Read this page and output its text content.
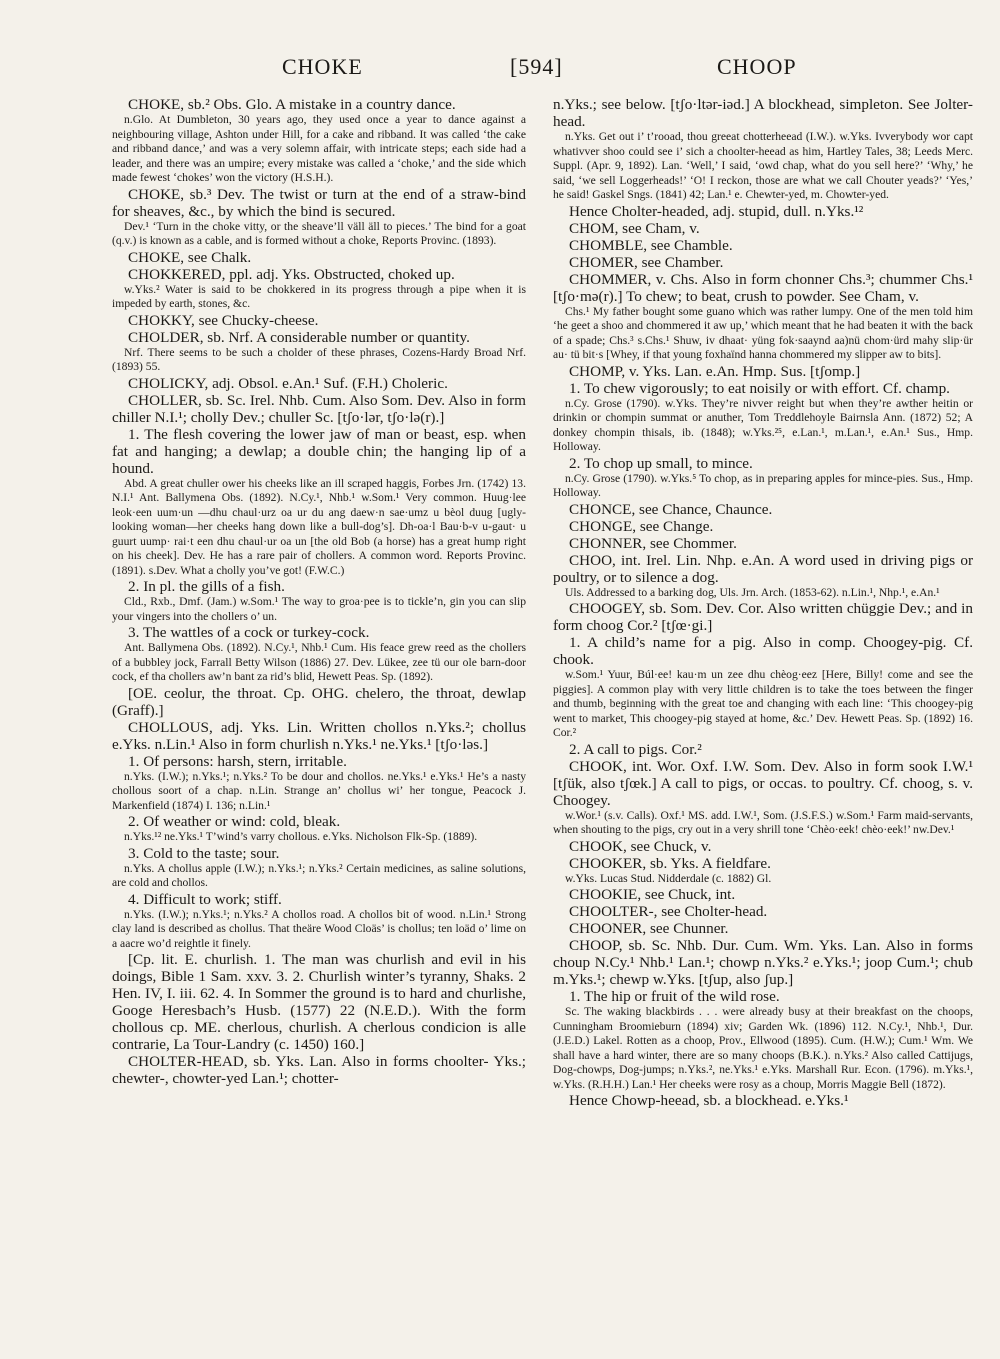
CHOKE	[594]	CHOOP

CHOKE, sb.² Obs. Glo. A mistake in a country dance.

n.Glo. At Dumbleton, 30 years ago, they used once a year to dance against a neighbouring village, Ashton under Hill, for a cake and ribband. It was called ‘the cake and ribband dance,’ and was a very solemn affair, with intricate steps; each side had a leader, and there was an umpire; every mistake was called a ‘choke,’ and the side which made fewest ‘chokes’ won the victory (H.S.H.).

CHOKE, sb.³ Dev. The twist or turn at the end of a straw-bind for sheaves, &c., by which the bind is secured.

Dev.¹ ‘Turn in the choke vitty, or the sheave’ll väll äll to pieces.’ The bind for a goat (q.v.) is known as a cable, and is formed without a choke, Reports Provinc. (1893).

CHOKE, see Chalk.

CHOKKERED, ppl. adj. Yks. Obstructed, choked up.

w.Yks.² Water is said to be chokkered in its progress through a pipe when it is impeded by earth, stones, &c.

CHOKKY, see Chucky-cheese.

CHOLDER, sb. Nrf. A considerable number or quantity.

Nrf. There seems to be such a cholder of these phrases, Cozens-Hardy Broad Nrf. (1893) 55.

CHOLICKY, adj. Obsol. e.An.¹ Suf. (F.H.) Choleric.

CHOLLER, sb. Sc. Irel. Nhb. Cum. Also Som. Dev. Also in form chiller N.I.¹; cholly Dev.; chuller Sc. [tʃo·lər, tʃo·lə(r).]

1. The flesh covering the lower jaw of man or beast, esp. when fat and hanging; a dewlap; a double chin; the hanging lip of a hound.

Abd. A great chuller ower his cheeks like an ill scraped haggis, Forbes Jrn. (1742) 13. N.I.¹ Ant. Ballymena Obs. (1892). N.Cy.¹, Nhb.¹ w.Som.¹ Very common. Huug·lee leok·een uum·un —dhu chaul·urz oa ur du ang daew·n sae·umz u bèol duug [ugly-looking woman—her cheeks hang down like a bull-dog’s]. Dh-oa·l Bau·b-v u-gaut· u guurt uump· rai·t een dhu chaul·ur oa un [the old Bob (a horse) has a great hump right on his cheek]. Dev. He has a rare pair of chollers. A common word. Reports Provinc. (1891). s.Dev. What a cholly you’ve got! (F.W.C.)

2. In pl. the gills of a fish.

Cld., Rxb., Dmf. (Jam.) w.Som.¹ The way to groa·pee is to tickle’n, gin you can slip your vingers into the chollers o’ un.

3. The wattles of a cock or turkey-cock.

Ant. Ballymena Obs. (1892). N.Cy.¹, Nhb.¹ Cum. His feace grew reed as the chollers of a bubbley jock, Farrall Betty Wilson (1886) 27. Dev. Lükee, zee tü our ole barn-door cock, ef tha chollers aw’n bant za rid’s blid, Hewett Peas. Sp. (1892).

[OE. ceolur, the throat. Cp. OHG. chelero, the throat, dewlap (Graff).]

CHOLLOUS, adj. Yks. Lin. Written chollos n.Yks.²; chollus e.Yks. n.Lin.¹ Also in form churlish n.Yks.¹ ne.Yks.¹ [tʃo·ləs.]

1. Of persons: harsh, stern, irritable.

n.Yks. (I.W.); n.Yks.¹; n.Yks.² To be dour and chollos. ne.Yks.¹ e.Yks.¹ He’s a nasty chollous soort of a chap. n.Lin. Strange an’ chollus wi’ her tongue, Peacock J. Markenfield (1874) I. 136; n.Lin.¹

2. Of weather or wind: cold, bleak.

n.Yks.¹² ne.Yks.¹ T’wind’s varry chollous. e.Yks. Nicholson Flk-Sp. (1889).

3. Cold to the taste; sour.

n.Yks. A chollus apple (I.W.); n.Yks.¹; n.Yks.² Certain medicines, as saline solutions, are cold and chollos.

4. Difficult to work; stiff.

n.Yks. (I.W.); n.Yks.¹; n.Yks.² A chollos road. A chollos bit of wood. n.Lin.¹ Strong clay land is described as chollus. That theäre Wood Cloäs’ is chollus; ten loäd o’ lime on a aacre wo’d reightle it finely.

[Cp. lit. E. churlish. 1. The man was churlish and evil in his doings, Bible 1 Sam. xxv. 3. 2. Churlish winter’s tyranny, Shaks. 2 Hen. IV, I. iii. 62. 4. In Sommer the ground is to hard and churlishe, Googe Heresbach’s Husb. (1577) 22 (N.E.D.). With the form chollous cp. ME. cherlous, churlish. A cherlous condicion is alle contrarie, La Tour-Landry (c. 1450) 160.]

CHOLTER-HEAD, sb. Yks. Lan. Also in forms choolter- Yks.; chewter-, chowter-yed Lan.¹; chotter-

n.Yks.; see below. [tʃo·ltər-iəd.] A blockhead, simpleton. See Jolter-head.

n.Yks. Get out i’ t’rooad, thou greeat chotterheead (I.W.). w.Yks. Ivverybody wor capt whativver shoo could see i’ sich a choolter-heead as him, Hartley Tales, 38; Leeds Merc. Suppl. (Apr. 9, 1892). Lan. ‘Well,’ I said, ‘owd chap, what do you sell here?’ ‘Why,’ he said, ‘we sell Loggerheads!’ ‘O! I reckon, those are what we call Chouter yeads?’ ‘Yes,’ he said! Gaskel Sngs. (1841) 42; Lan.¹ e. Chewter-yed, m. Chowter-yed.

Hence Cholter-headed, adj. stupid, dull. n.Yks.¹²

CHOM, see Cham, v.

CHOMBLE, see Chamble.

CHOMER, see Chamber.

CHOMMER, v. Chs. Also in form chonner Chs.³; chummer Chs.¹ [tʃo·mə(r).] To chew; to beat, crush to powder. See Cham, v.

Chs.¹ My father bought some guano which was rather lumpy. One of the men told him ‘he geet a shoo and chommered it aw up,’ which meant that he had beaten it with the back of a spade; Chs.³ s.Chs.¹ Shuw, iv dhaat· yüng fok·saaynd aa)nü chom·ürd mahy slip·ür au· tü bit·s [Whey, if that young foxhaïnd hanna chommered my slipper aw to bits].

CHOMP, v. Yks. Lan. e.An. Hmp. Sus. [tʃomp.]

1. To chew vigorously; to eat noisily or with effort. Cf. champ.

n.Cy. Grose (1790). w.Yks. They’re nivver reight but when they’re awther heitin or drinkin or chompin summat or anuther, Tom Treddlehoyle Bairnsla Ann. (1872) 52; A donkey chompin thisals, ib. (1848); w.Yks.²⁵, e.Lan.¹, m.Lan.¹, e.An.¹ Sus., Hmp. Holloway.

2. To chop up small, to mince.

n.Cy. Grose (1790). w.Yks.⁵ To chop, as in preparing apples for mince-pies. Sus., Hmp. Holloway.

CHONCE, see Chance, Chaunce.

CHONGE, see Change.

CHONNER, see Chommer.

CHOO, int. Irel. Lin. Nhp. e.An. A word used in driving pigs or poultry, or to silence a dog.

Uls. Addressed to a barking dog, Uls. Jrn. Arch. (1853-62). n.Lin.¹, Nhp.¹, e.An.¹

CHOOGEY, sb. Som. Dev. Cor. Also written chüggie Dev.; and in form choog Cor.² [tʃœ·gi.]

1. A child’s name for a pig. Also in comp. Choogey-pig. Cf. chook.

w.Som.¹ Yuur, Búl·ee! kau·m un zee dhu chèog·eez [Here, Billy! come and see the piggies]. A common play with very little children is to take the toes between the finger and thumb, beginning with the great toe and changing with each line: ‘This choogey-pig went to market, This choogey-pig stayed at home, &c.’ Dev. Hewett Peas. Sp. (1892) 16. Cor.²

2. A call to pigs. Cor.²

CHOOK, int. Wor. Oxf. I.W. Som. Dev. Also in form sook I.W.¹ [tʃük, also tʃœk.] A call to pigs, or occas. to poultry. Cf. choog, s. v. Choogey.

w.Wor.¹ (s.v. Calls). Oxf.¹ MS. add. I.W.¹, Som. (J.S.F.S.) w.Som.¹ Farm maid-servants, when shouting to the pigs, cry out in a very shrill tone ‘Chèo·eek! chèo·eek!’ nw.Dev.¹

CHOOK, see Chuck, v.

CHOOKER, sb. Yks. A fieldfare.

w.Yks. Lucas Stud. Nidderdale (c. 1882) Gl.

CHOOKIE, see Chuck, int.

CHOOLTER-, see Cholter-head.

CHOONER, see Chunner.

CHOOP, sb. Sc. Nhb. Dur. Cum. Wm. Yks. Lan. Also in forms choup N.Cy.¹ Nhb.¹ Lan.¹; chowp n.Yks.² e.Yks.¹; joop Cum.¹; chub m.Yks.¹; chewp w.Yks. [tʃup, also ʃup.]

1. The hip or fruit of the wild rose.

Sc. The waking blackbirds . . . were already busy at their breakfast on the choops, Cunningham Broomieburn (1894) xiv; Garden Wk. (1896) 112. N.Cy.¹, Nhb.¹, Dur. (J.E.D.) Lakel. Rotten as a choop, Prov., Ellwood (1895). Cum. (H.W.); Cum.¹ Wm. We shall have a hard winter, there are so many choops (B.K.). n.Yks.² Also called Cattijugs, Dog-chowps, Dog-jumps; n.Yks.², ne.Yks.¹ e.Yks. Marshall Rur. Econ. (1796). m.Yks.¹, w.Yks. (R.H.H.) Lan.¹ Her cheeks were rosy as a choup, Morris Maggie Bell (1872).

Hence Chowp-heead, sb. a blockhead. e.Yks.¹
